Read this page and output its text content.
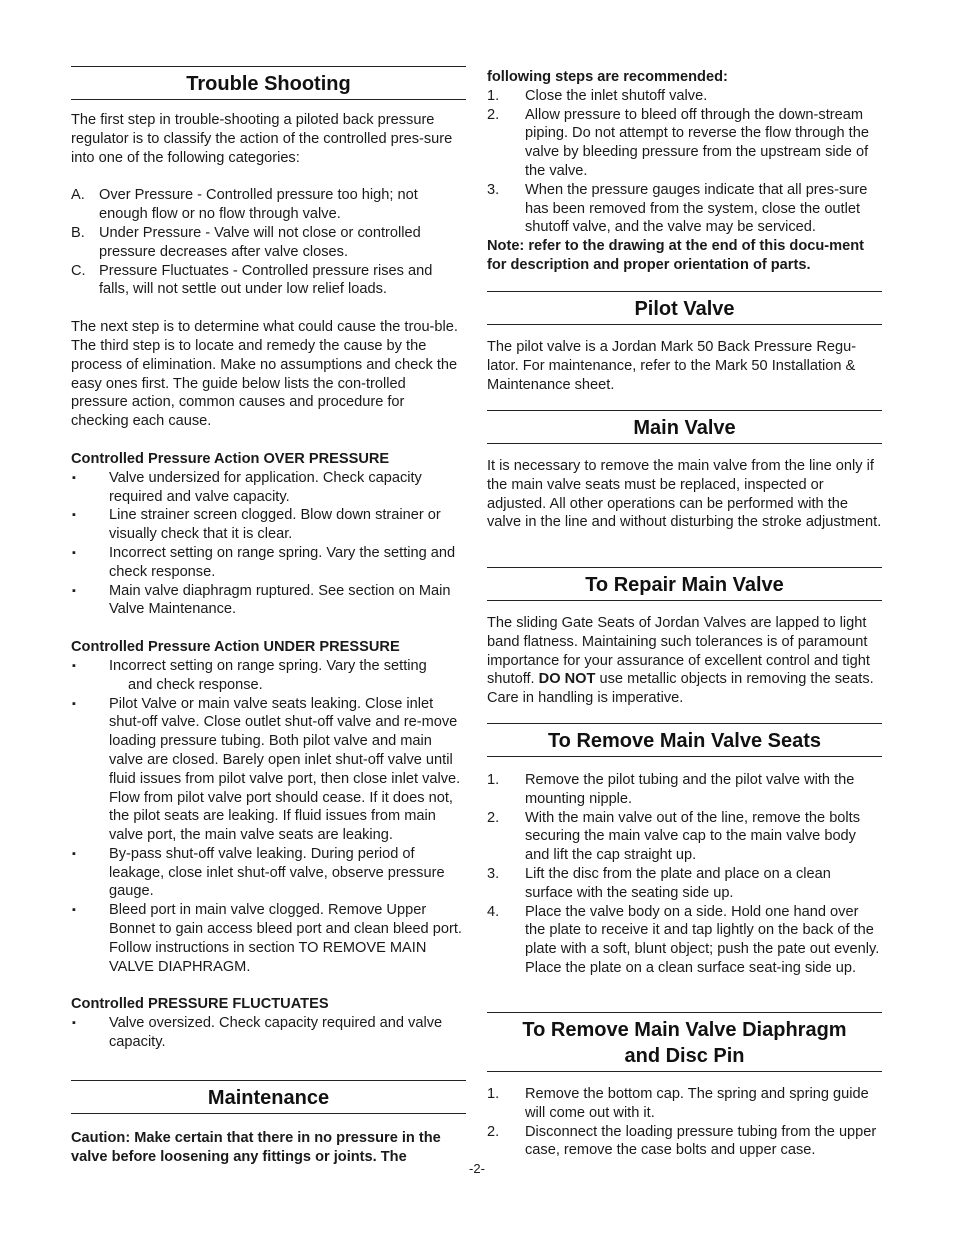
Trouble Shooting

The first step in trouble-shooting a piloted back pressure regulator is to classify the action of the controlled pres-sure into one of the following categories:

A. Over Pressure - Controlled pressure too high; not enough flow or no flow through valve.
B. Under Pressure - Valve will not close or controlled pressure decreases after valve closes.
C. Pressure Fluctuates - Controlled pressure rises and falls, will not settle out under low relief loads.

The next step is to determine what could cause the trou-ble. The third step is to locate and remedy the cause by the process of elimination. Make no assumptions and check the easy ones first. The guide below lists the con-trolled pressure action, common causes and procedure for checking each cause.

Controlled Pressure Action OVER PRESSURE

▪ Valve undersized for application. Check capacity required and valve capacity.
▪ Line strainer screen clogged. Blow down strainer or visually check that it is clear.
▪ Incorrect setting on range spring. Vary the setting and check response.
▪ Main valve diaphragm ruptured. See section on Main Valve Maintenance.

Controlled Pressure Action UNDER PRESSURE

▪ Incorrect setting on range spring. Vary the setting
and check response.
▪ Pilot Valve or main valve seats leaking. Close inlet shut-off valve. Close outlet shut-off valve and re-move loading pressure tubing. Both pilot valve and main valve are closed. Barely open inlet shut-off valve until fluid issues from pilot valve port, then close inlet valve. Flow from pilot valve port should cease. If it does not, the pilot seats are leaking. If fluid issues from main valve port, the main valve seats are leaking.
▪ By-pass shut-off valve leaking. During period of leakage, close inlet shut-off valve, observe pressure gauge.
▪ Bleed port in main valve clogged. Remove Upper Bonnet to gain access bleed port and clean bleed port. Follow instructions in section TO REMOVE MAIN VALVE DIAPHRAGM.

Controlled PRESSURE FLUCTUATES

▪ Valve oversized. Check capacity required and valve capacity.
Maintenance

Caution: Make certain that there in no pressure in the valve before loosening any fittings or joints. The

following steps are recommended:

1. Close the inlet shutoff valve.
2. Allow pressure to bleed off through the down-stream piping. Do not attempt to reverse the flow through the valve by bleeding pressure from the upstream side of the valve.
3. When the pressure gauges indicate that all pres-sure has been removed from the system, close the outlet shutoff valve, and the valve may be serviced.

Note: refer to the drawing at the end of this docu-ment for description and proper orientation of parts.

Pilot Valve

The pilot valve is a Jordan Mark 50 Back Pressure Regu-lator. For maintenance, refer to the Mark 50 Installation & Maintenance sheet.

Main Valve

It is necessary to remove the main valve from the line only if the main valve seats must be replaced, inspected or adjusted. All other operations can be performed with the valve in the line and without disturbing the stroke adjustment.

To Repair Main Valve

The sliding Gate Seats of Jordan Valves are lapped to light band flatness. Maintaining such tolerances is of paramount importance for your assurance of excellent control and tight shutoff. DO NOT use metallic objects in removing the seats. Care in handling is imperative.

To Remove Main Valve Seats
1. Remove the pilot tubing and the pilot valve with the mounting nipple.
2. With the main valve out of the line, remove the bolts securing the main valve cap to the main valve body and lift the cap straight up.
3. Lift the disc from the plate and place on a clean surface with the seating side up.
4. Place the valve body on a side. Hold one hand over the plate to receive it and tap lightly on the back of the plate with a soft, blunt object; push the pate out evenly. Place the plate on a clean surface seat-ing side up.
To Remove Main Valve Diaphragm
and Disc Pin
1. Remove the bottom cap. The spring and spring guide will come out with it.
2. Disconnect the loading pressure tubing from the upper case, remove the case bolts and upper case.
-2-
